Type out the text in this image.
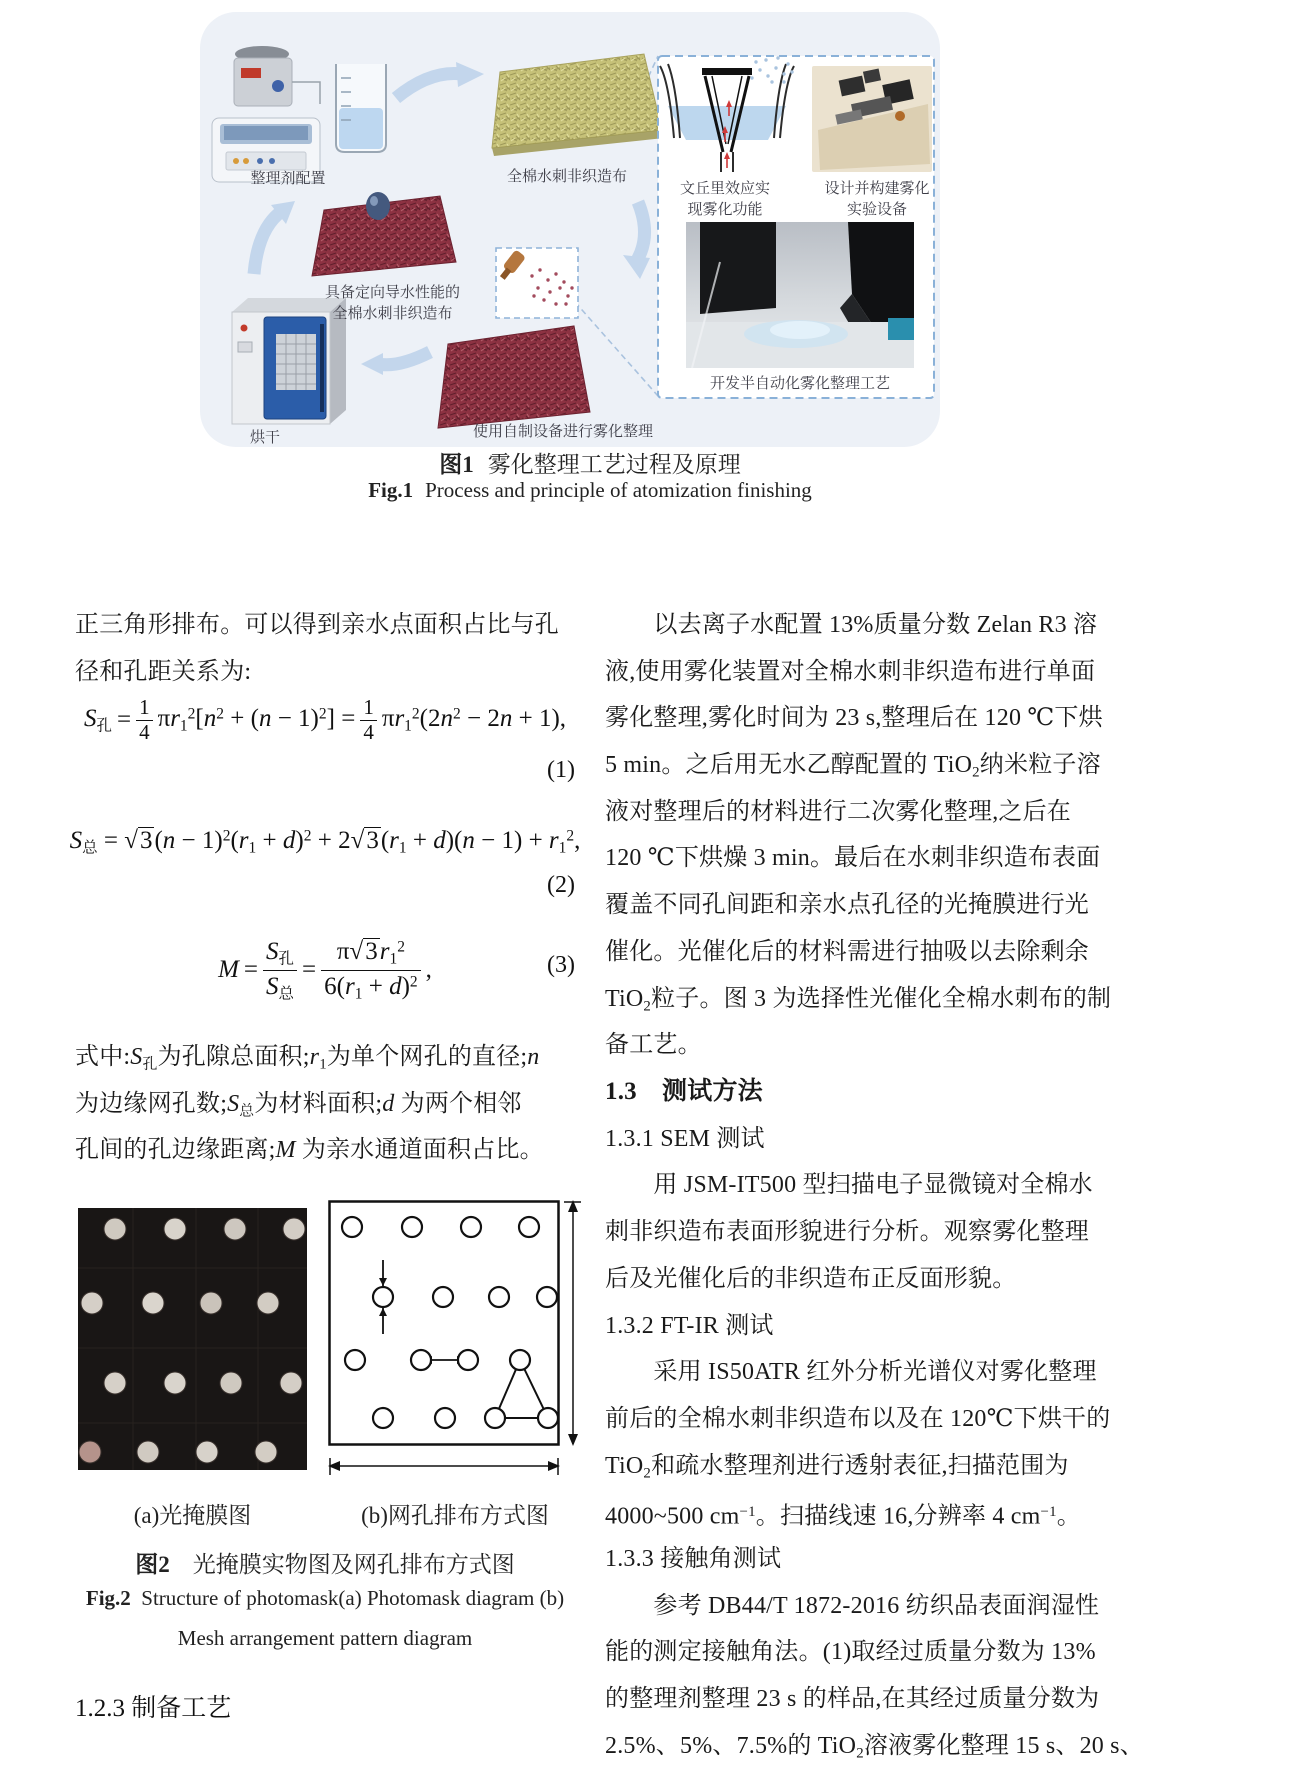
整理剂配置	全棉水刺非织造布
具备定向导水性能的
全棉水刺非织造布
使用自制设备进行雾化整理
烘干
文丘里效应实
现雾化功能
设计并构建雾化
实验设备
开发半自动化雾化整理工艺
图1 雾化整理工艺过程及原理
Fig.1 Process and principle of atomization finishing
正三角形排布。可以得到亲水点面积占比与孔
径和孔距关系为:
$S_孔 = \frac{1}{4} \pi r_1^2[n^2 + (n - 1)^2] = \frac{1}{4} \pi r_1^2(2n^2 - 2n + 1)$,
(1)
$S_总 = √3(n - 1)^2(r_1 + d)^2 + 2√3(r_1 + d)(n - 1) + r_1^2$,
(2)
$M = \frac{S_孔}{S_总} = \frac{\pi√3r_1^2}{6(r_1 + d)^2}$ ,	(3)
式中$:S_孔$为孔隙总面积$;r_1$为单个网孔的直径;n
为边缘网孔数$;S_总$为材料面积;d 为两个相邻
孔间的孔边缘距离;M 为亲水通道面积占比。
(a)光掩膜图	(b)网孔排布方式图
图2　 光掩膜实物图及网孔排布方式图
Fig.2 Structure of photomask(a) Photomask diagram (b)
Mesh arrangement pattern diagram
1.2.3 制备工艺
　　以去离子水配置 13%质量分数 Zelan R3 溶
液,使用雾化装置对全棉水刺非织造布进行单面
雾化整理,雾化时间为 23 s,整理后在 120 ℃下烘
5 min。之后用无水乙醇配置的 TiO$_2$纳米粒子溶
液对整理后的材料进行二次雾化整理,之后在
120 ℃下烘燥 3 min。最后在水刺非织造布表面
覆盖不同孔间距和亲水点孔径的光掩膜进行光
催化。光催化后的材料需进行抽吸以去除剩余
TiO$_2$粒子。图 3 为选择性光催化全棉水刺布的制
备工艺。
1.3　测试方法
1.3.1 SEM 测试
　　用 JSM-IT500 型扫描电子显微镜对全棉水
刺非织造布表面形貌进行分析。观察雾化整理
后及光催化后的非织造布正反面形貌。
1.3.2 FT-IR 测试
　　采用 IS50ATR 红外分析光谱仪对雾化整理
前后的全棉水刺非织造布以及在 120℃下烘干的
TiO$_2$和疏水整理剂进行透射表征,扫描范围为
4000~500 $cm^{-1}$。扫描线速 16,分辨率 4 $cm^{-1}$。
1.3.3 接触角测试
　　参考 DB44/T 1872-2016 纺织品表面润湿性
能的测定接触角法。(1)取经过质量分数为 13%
的整理剂整理 23 s 的样品,在其经过质量分数为
2.5%、5%、7.5%的 TiO$_2$溶液雾化整理 15 s、20 s、
